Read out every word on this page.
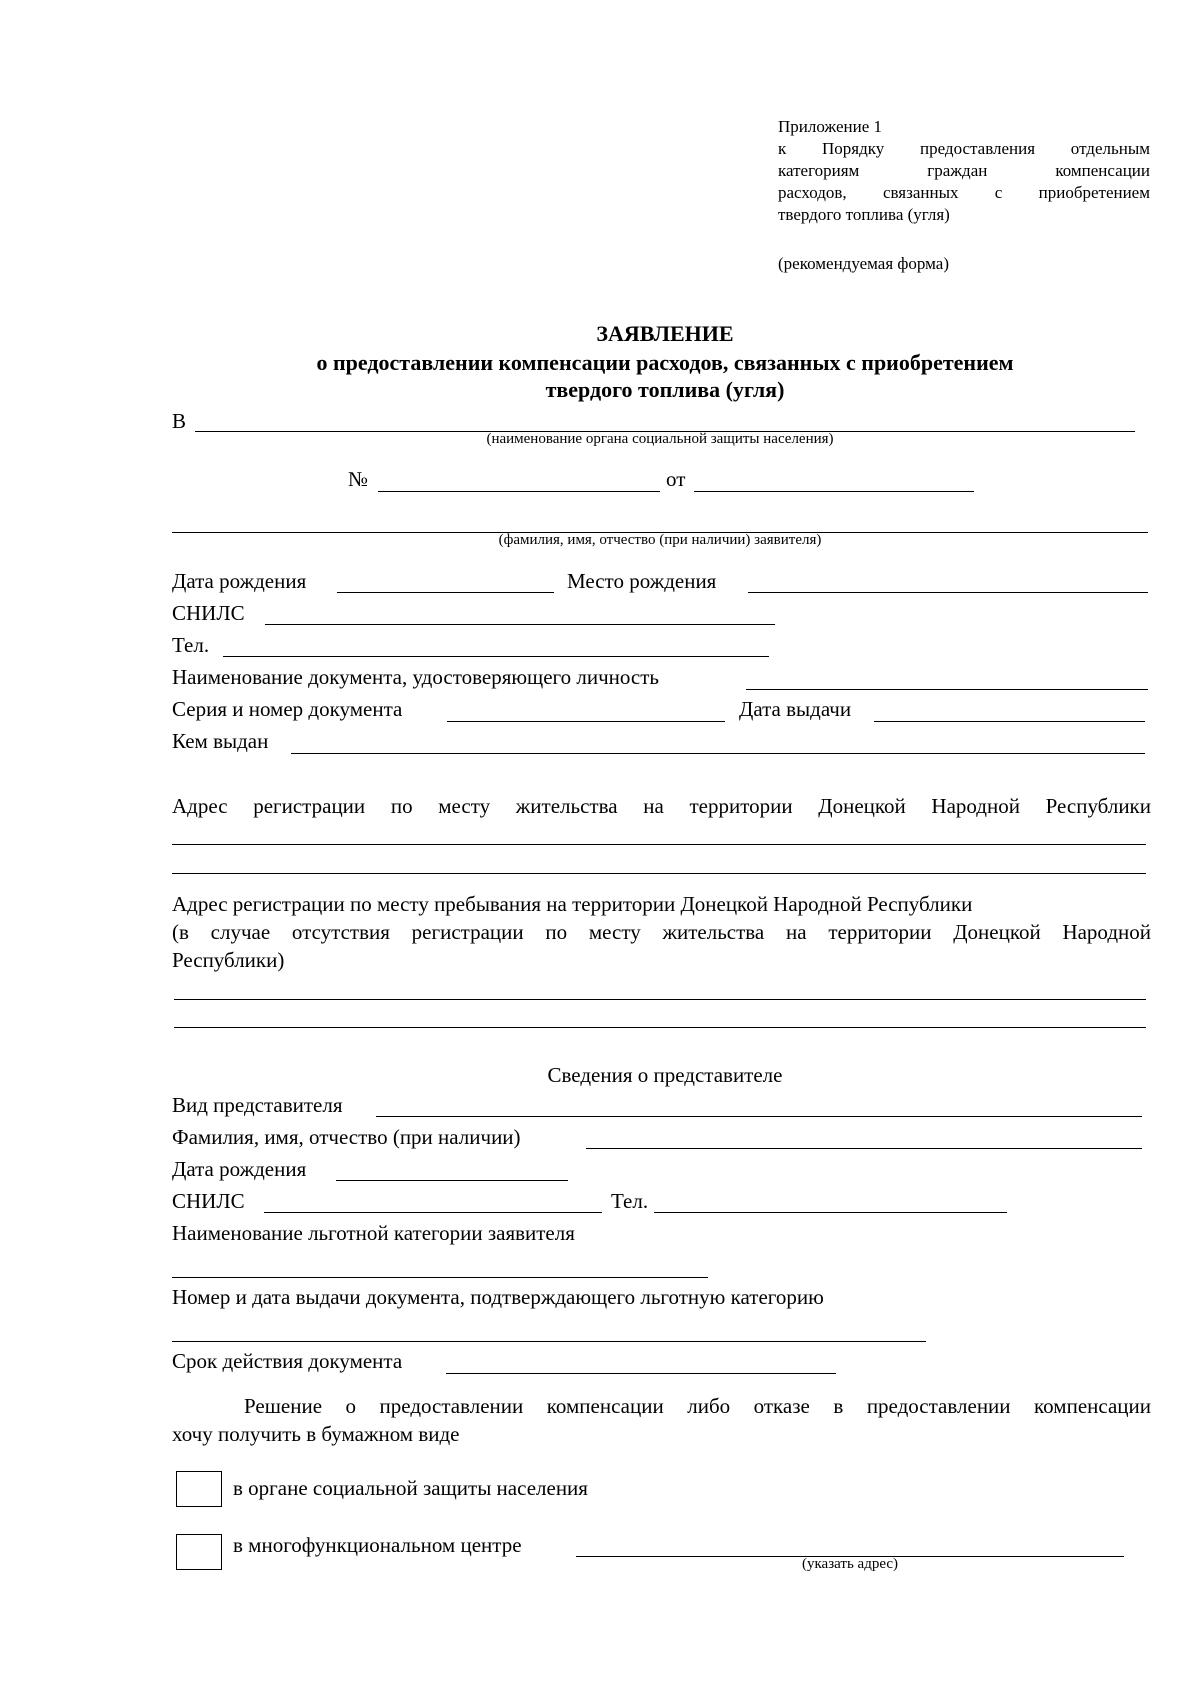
Приложение 1
к Порядку предоставления отдельным
категориям граждан компенсации
расходов, связанных с приобретением
твердого топлива (угля)
(рекомендуемая форма)
ЗАЯВЛЕНИЕ
о предоставлении компенсации расходов, связанных с приобретением
твердого топлива (угля)
В
(наименование органа социальной защиты населения)
№	от
(фамилия, имя, отчество (при наличии) заявителя)
Дата рождения	Место рождения
СНИЛС
Тел.
Наименование документа, удостоверяющего личность
Серия и номер документа	Дата выдачи
Кем выдан
Адрес регистрации по месту жительства на территории Донецкой Народной Республики
Адрес регистрации по месту пребывания на территории Донецкой Народной Республики
(в случае отсутствия регистрации по месту жительства на территории Донецкой Народной
Республики)
Сведения о представителе
Вид представителя
Фамилия, имя, отчество (при наличии)
Дата рождения
СНИЛС	Тел.
Наименование льготной категории заявителя
Номер и дата выдачи документа, подтверждающего льготную категорию
Срок действия документа
Решение о предоставлении компенсации либо отказе в предоставлении компенсации
хочу получить в бумажном виде
в органе социальной защиты населения
в многофункциональном центре
(указать адрес)
